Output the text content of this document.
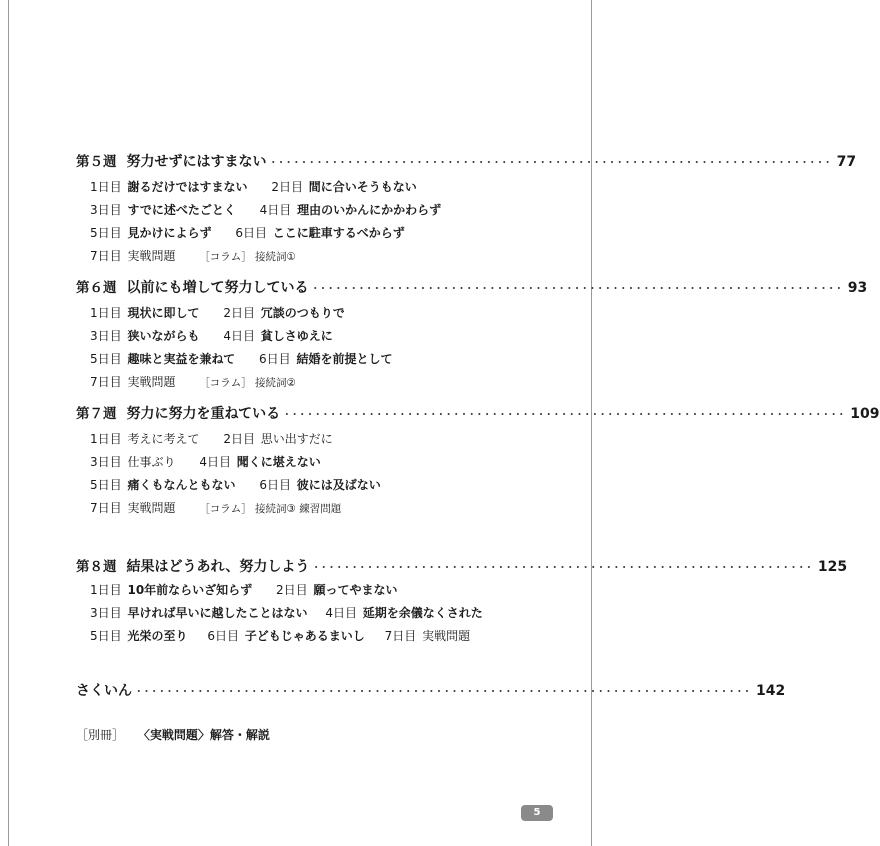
第５週 努力せずにはすまない ･････････････････････････････････････････････････････････････････････････ 77
1日目 謝るだけではすまない 2日目 間に合いそうもない
3日目 すでに述べたごとく 4日目 理由のいかんにかかわらず
5日目 見かけによらず 6日目 ここに駐車するべからず
7日目 実戦問題 ［コラム］ 接続詞①
第６週 以前にも増して努力している ･････････････････････････････････････････････････････････････････････ 93
1日目 現状に即して 2日目 冗談のつもりで
3日目 狭いながらも 4日目 貧しさゆえに
5日目 趣味と実益を兼ねて 6日目 結婚を前提として
7日目 実戦問題 ［コラム］ 接続詞②
第７週 努力に努力を重ねている ･････････････････････････････････････････････････････････････････････････ 109
1日目 考えに考えて 2日目 思い出すだに
3日目 仕事ぶり 4日目 聞くに堪えない
5日目 痛くもなんともない 6日目 彼には及ばない
7日目 実戦問題 ［コラム］ 接続詞③ 練習問題
第８週 結果はどうあれ、努力しよう ･････････････････････････････････････････････････････････････････ 125
1日目 10年前ならいざ知らず 2日目 願ってやまない
3日目 早ければ早いに越したことはない 4日目 延期を余儀なくされた
5日目 光栄の至り 6日目 子どもじゃあるまいし 7日目 実戦問題
さくいん ････････････････････････････････････････････････････････････････････････････････ 142
［別冊］ 〈実戦問題〉解答・解説
5
